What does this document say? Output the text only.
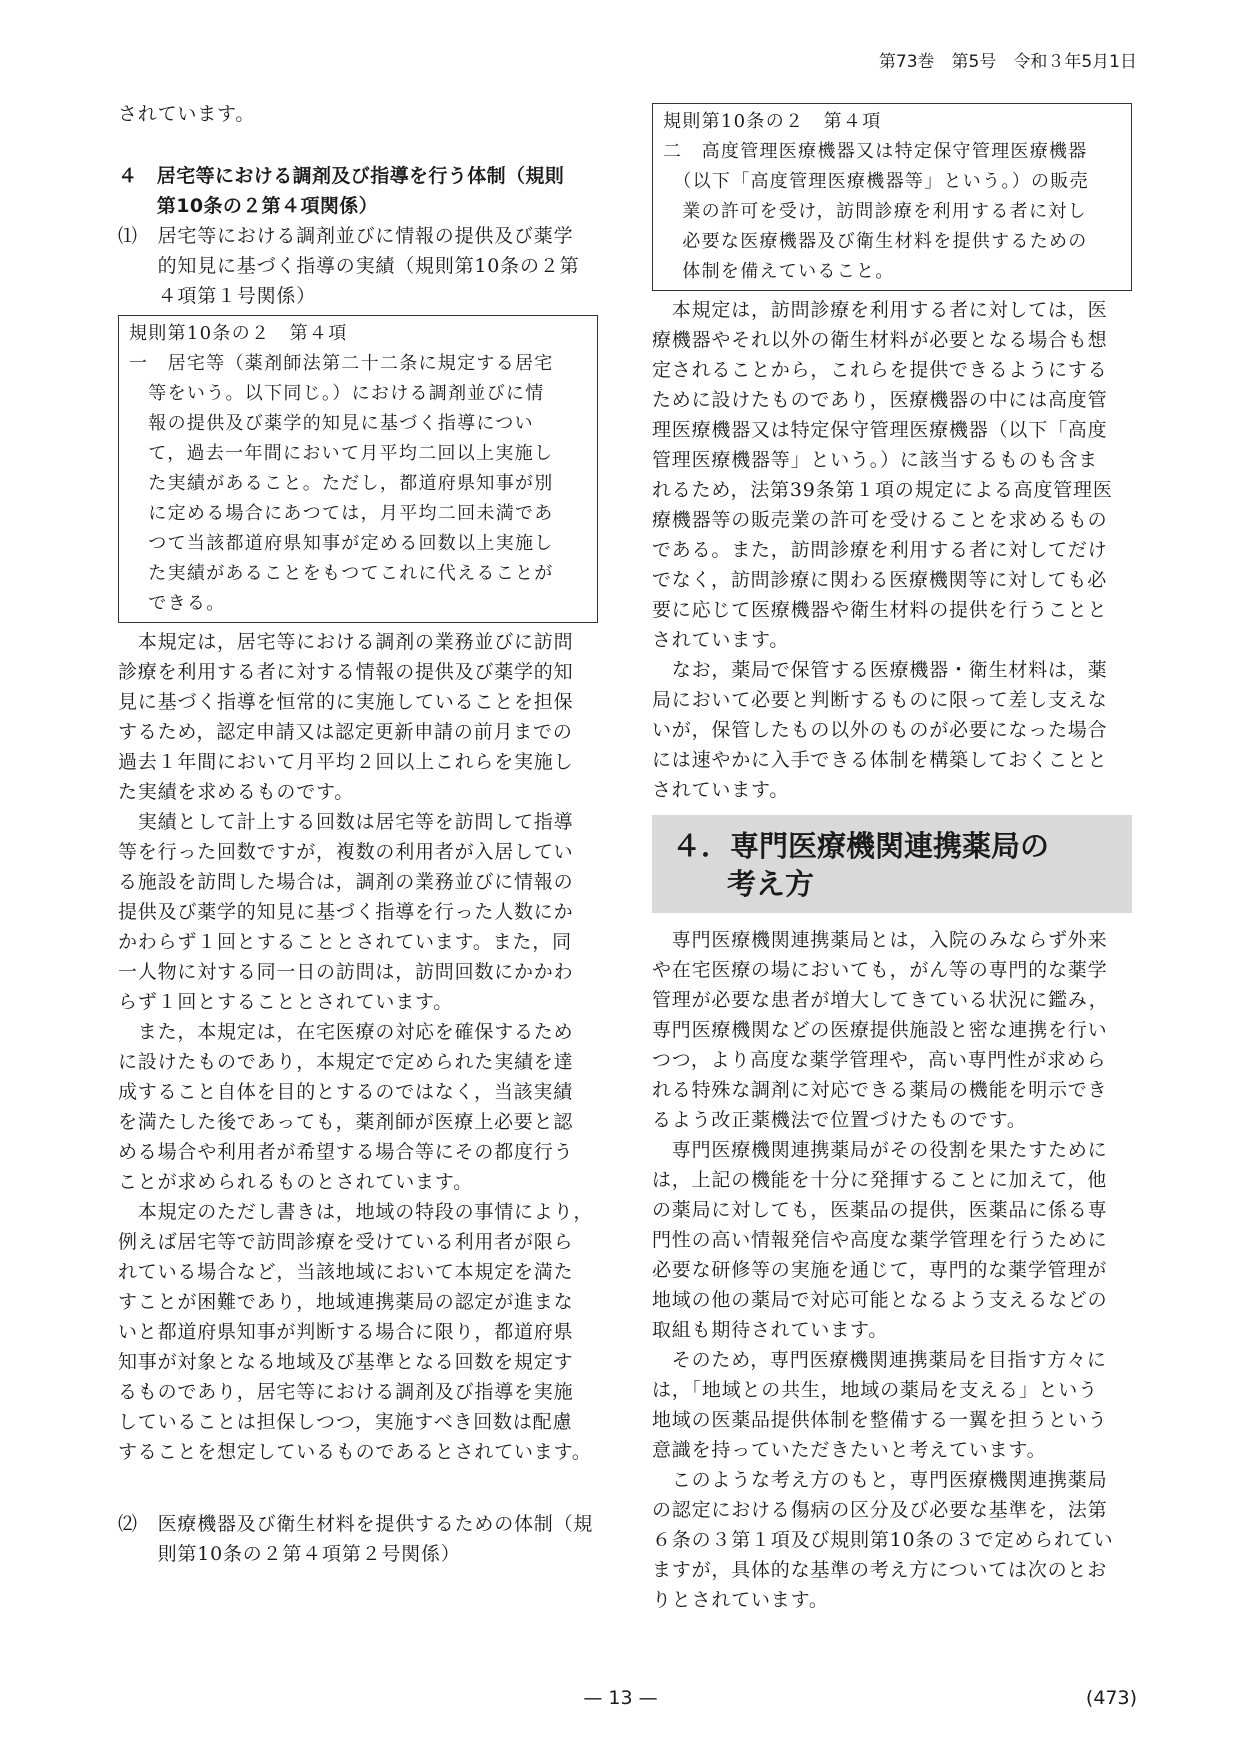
第73巻　第5号　令和３年5月1日
されています。
４　居宅等における調剤及び指導を行う体制（規則
　　第10条の２第４項関係）
⑴　居宅等における調剤並びに情報の提供及び薬学
　　的知見に基づく指導の実績（規則第10条の２第
　　４項第１号関係）
規則第10条の２　第４項
一　居宅等（薬剤師法第二十二条に規定する居宅
　等をいう。以下同じ。）における調剤並びに情
　報の提供及び薬学的知見に基づく指導につい
　て，過去一年間において月平均二回以上実施し
　た実績があること。ただし，都道府県知事が別
　に定める場合にあつては，月平均二回未満であ
　つて当該都道府県知事が定める回数以上実施し
　た実績があることをもつてこれに代えることが
　できる。
　本規定は，居宅等における調剤の業務並びに訪問
診療を利用する者に対する情報の提供及び薬学的知
見に基づく指導を恒常的に実施していることを担保
するため，認定申請又は認定更新申請の前月までの
過去１年間において月平均２回以上これらを実施し
た実績を求めるものです。
　実績として計上する回数は居宅等を訪問して指導
等を行った回数ですが，複数の利用者が入居してい
る施設を訪問した場合は，調剤の業務並びに情報の
提供及び薬学的知見に基づく指導を行った人数にか
かわらず１回とすることとされています。また，同
一人物に対する同一日の訪問は，訪問回数にかかわ
らず１回とすることとされています。
　また，本規定は，在宅医療の対応を確保するため
に設けたものであり，本規定で定められた実績を達
成すること自体を目的とするのではなく，当該実績
を満たした後であっても，薬剤師が医療上必要と認
める場合や利用者が希望する場合等にその都度行う
ことが求められるものとされています。
　本規定のただし書きは，地域の特段の事情により，
例えば居宅等で訪問診療を受けている利用者が限ら
れている場合など，当該地域において本規定を満た
すことが困難であり，地域連携薬局の認定が進まな
いと都道府県知事が判断する場合に限り，都道府県
知事が対象となる地域及び基準となる回数を規定す
るものであり，居宅等における調剤及び指導を実施
していることは担保しつつ，実施すべき回数は配慮
することを想定しているものであるとされています。
⑵　医療機器及び衛生材料を提供するための体制（規
　　則第10条の２第４項第２号関係）
規則第10条の２　第４項
二　高度管理医療機器又は特定保守管理医療機器
　（以下「高度管理医療機器等」という。）の販売
　業の許可を受け，訪問診療を利用する者に対し
　必要な医療機器及び衛生材料を提供するための
　体制を備えていること。
　本規定は，訪問診療を利用する者に対しては，医
療機器やそれ以外の衛生材料が必要となる場合も想
定されることから，これらを提供できるようにする
ために設けたものであり，医療機器の中には高度管
理医療機器又は特定保守管理医療機器（以下「高度
管理医療機器等」という。）に該当するものも含ま
れるため，法第39条第１項の規定による高度管理医
療機器等の販売業の許可を受けることを求めるもの
である。また，訪問診療を利用する者に対してだけ
でなく，訪問診療に関わる医療機関等に対しても必
要に応じて医療機器や衛生材料の提供を行うことと
されています。
　なお，薬局で保管する医療機器・衛生材料は，薬
局において必要と判断するものに限って差し支えな
いが，保管したもの以外のものが必要になった場合
には速やかに入手できる体制を構築しておくことと
されています。
４．専門医療機関連携薬局の
考え方
　専門医療機関連携薬局とは，入院のみならず外来
や在宅医療の場においても，がん等の専門的な薬学
管理が必要な患者が増大してきている状況に鑑み，
専門医療機関などの医療提供施設と密な連携を行い
つつ，より高度な薬学管理や，高い専門性が求めら
れる特殊な調剤に対応できる薬局の機能を明示でき
るよう改正薬機法で位置づけたものです。
　専門医療機関連携薬局がその役割を果たすために
は，上記の機能を十分に発揮することに加えて，他
の薬局に対しても，医薬品の提供，医薬品に係る専
門性の高い情報発信や高度な薬学管理を行うために
必要な研修等の実施を通じて，専門的な薬学管理が
地域の他の薬局で対応可能となるよう支えるなどの
取組も期待されています。
　そのため，専門医療機関連携薬局を目指す方々に
は，「地域との共生，地域の薬局を支える」という
地域の医薬品提供体制を整備する一翼を担うという
意識を持っていただきたいと考えています。
　このような考え方のもと，専門医療機関連携薬局
の認定における傷病の区分及び必要な基準を，法第
６条の３第１項及び規則第10条の３で定められてい
ますが，具体的な基準の考え方については次のとお
りとされています。
— 13 —	(473)
